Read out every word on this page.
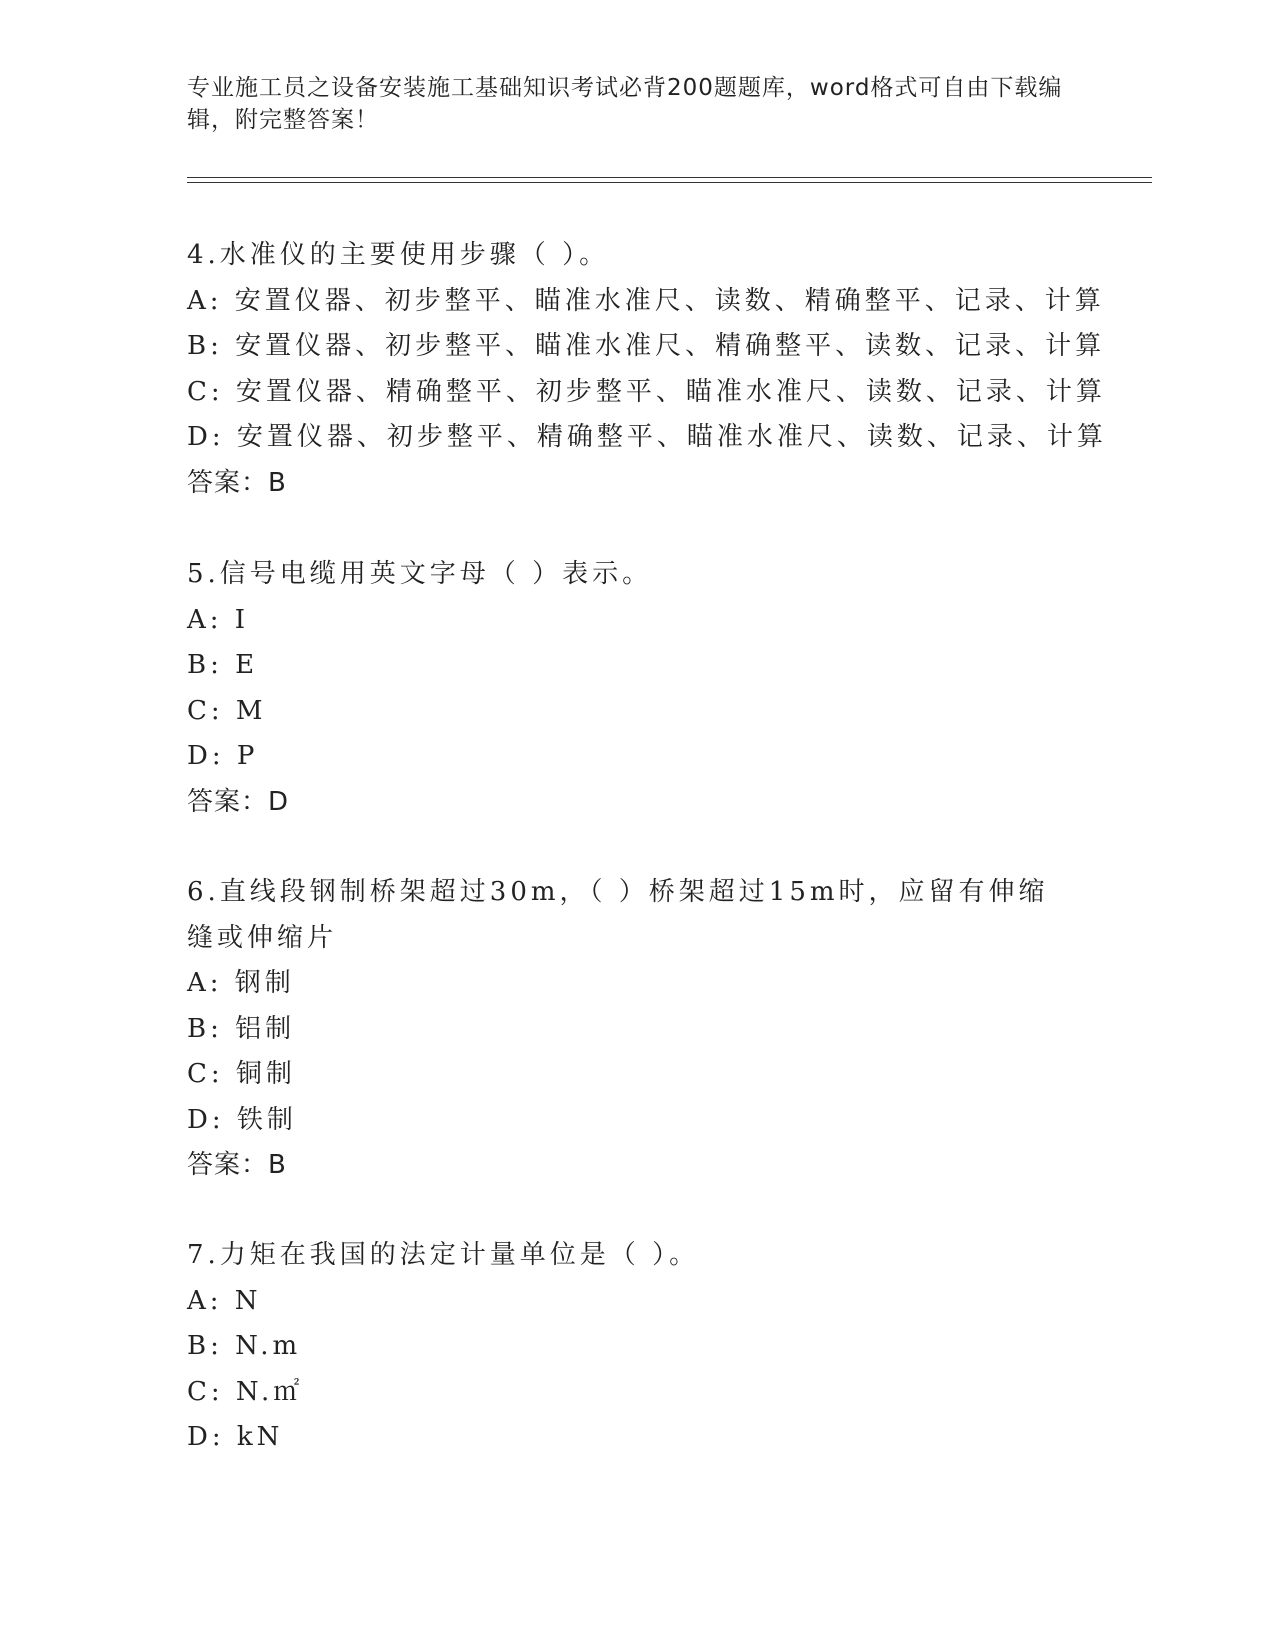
专业施工员之设备安装施工基础知识考试必背200题题库，word格式可自由下载编辑，附完整答案！
4.水准仪的主要使用步骤（ ）。
A: 安置仪器、初步整平、瞄准水准尺、读数、精确整平、记录、计算
B: 安置仪器、初步整平、瞄准水准尺、精确整平、读数、记录、计算
C: 安置仪器、精确整平、初步整平、瞄准水准尺、读数、记录、计算
D: 安置仪器、初步整平、精确整平、瞄准水准尺、读数、记录、计算
答案：B
5.信号电缆用英文字母（ ）表示。
A: I
B: E
C: M
D: P
答案：D
6.直线段钢制桥架超过30m，（ ）桥架超过15m时，应留有伸缩缝或伸缩片
A: 钢制
B: 铝制
C: 铜制
D: 铁制
答案：B
7.力矩在我国的法定计量单位是（ ）。
A: N
B: N.m
C: N.㎡
D: kN
